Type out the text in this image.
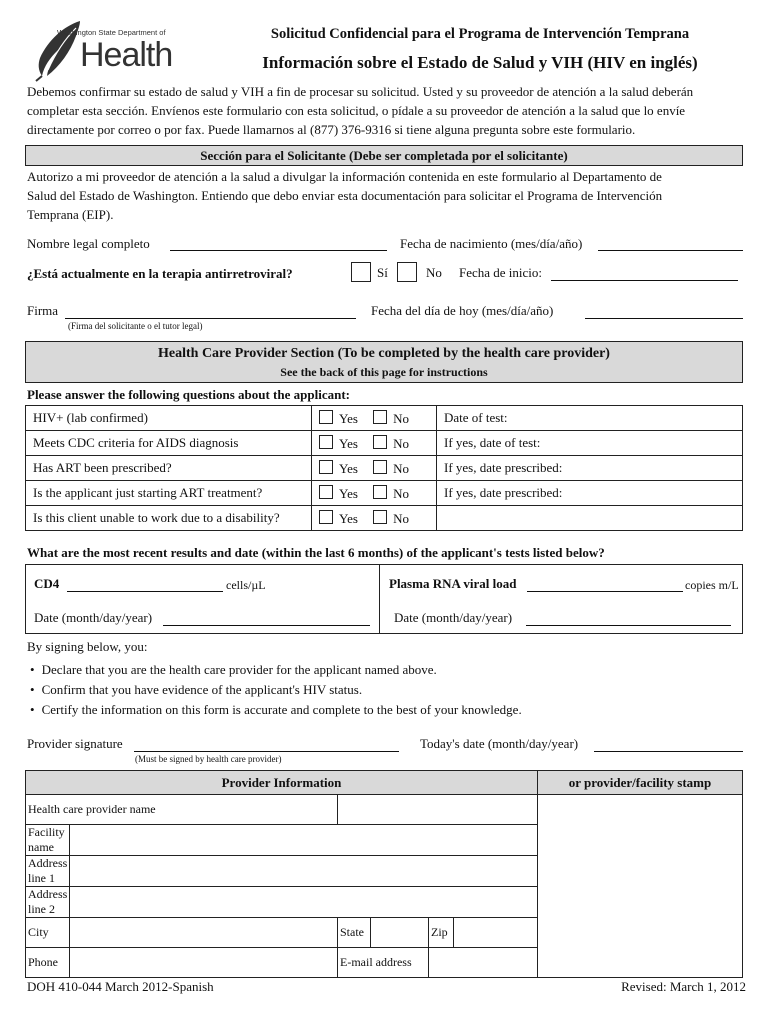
Washington State Department of
Health
Solicitud Confidencial para el Programa de Intervención Temprana
Información sobre el Estado de Salud y VIH (HIV en inglés)
Debemos confirmar su estado de salud y VIH a fin de procesar su solicitud. Usted y su proveedor de atención a la salud deberán
completar esta sección. Envíenos este formulario con esta solicitud, o pídale a su proveedor de atención a la salud que lo envíe
directamente por correo o por fax. Puede llamarnos al (877) 376-9316 si tiene alguna pregunta sobre este formulario.
Sección para el Solicitante (Debe ser completada por el solicitante)
Autorizo a mi proveedor de atención a la salud a divulgar la información contenida en este formulario al Departamento de
Salud del Estado de Washington. Entiendo que debo enviar esta documentación para solicitar el Programa de Intervención
Temprana (EIP).
Nombre legal completo	Fecha de nacimiento (mes/día/año)
¿Está actualmente en la terapia antirretroviral?	Sí	No Fecha de inicio:
Firma
(Firma del solicitante o el tutor legal)
Fecha del día de hoy (mes/día/año)
Health Care Provider Section (To be completed by the health care provider)
See the back of this page for instructions
Please answer the following questions about the applicant:
HIV+ (lab confirmed)	Yes No	Date of test:
Meets CDC criteria for AIDS diagnosis	Yes No	If yes, date of test:
Has ART been prescribed?	Yes No	If yes, date prescribed:
Is the applicant just starting ART treatment?	Yes No	If yes, date prescribed:
Is this client unable to work due to a disability?	Yes No	
What are the most recent results and date (within the last 6 months) of the applicant's tests listed below?
CD4	cells/µL	Plasma RNA viral load	copies m/L
Date (month/day/year)	Date (month/day/year)
By signing below, you:
• Declare that you are the health care provider for the applicant named above.
• Confirm that you have evidence of the applicant's HIV status.
• Certify the information on this form is accurate and complete to the best of your knowledge.
Provider signature
(Must be signed by health care provider)
Today's date (month/day/year)
Provider Information						or provider/facility stamp
Health care provider name						
Facility name						
Address line 1						
Address line 2						
City		State		Zip		
Phone		E-mail address				
DOH 410-044 March 2012-Spanish	Revised: March 1, 2012
